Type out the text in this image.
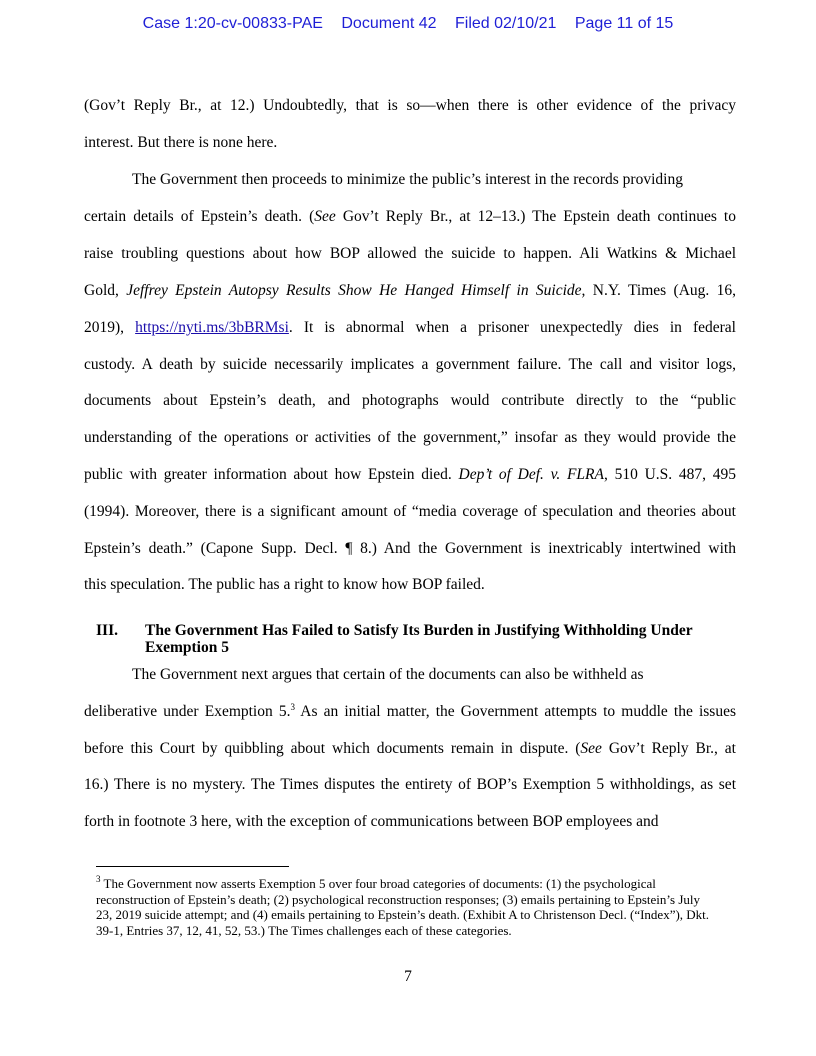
Case 1:20-cv-00833-PAE Document 42 Filed 02/10/21 Page 11 of 15
(Gov’t Reply Br., at 12.) Undoubtedly, that is so—when there is other evidence of the privacy
interest. But there is none here.
The Government then proceeds to minimize the public’s interest in the records providing
certain details of Epstein’s death. (See Gov’t Reply Br., at 12–13.) The Epstein death continues to
raise troubling questions about how BOP allowed the suicide to happen. Ali Watkins & Michael
Gold, Jeffrey Epstein Autopsy Results Show He Hanged Himself in Suicide, N.Y. Times (Aug. 16,
2019), https://nyti.ms/3bBRMsi. It is abnormal when a prisoner unexpectedly dies in federal
custody. A death by suicide necessarily implicates a government failure. The call and visitor logs,
documents about Epstein’s death, and photographs would contribute directly to the “public
understanding of the operations or activities of the government,” insofar as they would provide the
public with greater information about how Epstein died. Dep’t of Def. v. FLRA, 510 U.S. 487, 495
(1994). Moreover, there is a significant amount of “media coverage of speculation and theories about
Epstein’s death.” (Capone Supp. Decl. ¶ 8.) And the Government is inextricably intertwined with
this speculation. The public has a right to know how BOP failed.
The Government next argues that certain of the documents can also be withheld as
deliberative under Exemption 5.$^3$ As an initial matter, the Government attempts to muddle the issues
before this Court by quibbling about which documents remain in dispute. (See Gov’t Reply Br., at
16.) There is no mystery. The Times disputes the entirety of BOP’s Exemption 5 withholdings, as set
forth in footnote 3 here, with the exception of communications between BOP employees and
III. The Government Has Failed to Satisfy Its Burden in Justifying Withholding Under Exemption 5
$^3$ The Government now asserts Exemption 5 over four broad categories of documents: (1) the psychological reconstruction of Epstein’s death; (2) psychological reconstruction responses; (3) emails pertaining to Epstein’s July 23, 2019 suicide attempt; and (4) emails pertaining to Epstein’s death. (Exhibit A to Christenson Decl. (“Index”), Dkt. 39-1, Entries 37, 12, 41, 52, 53.) The Times challenges each of these categories.
7
